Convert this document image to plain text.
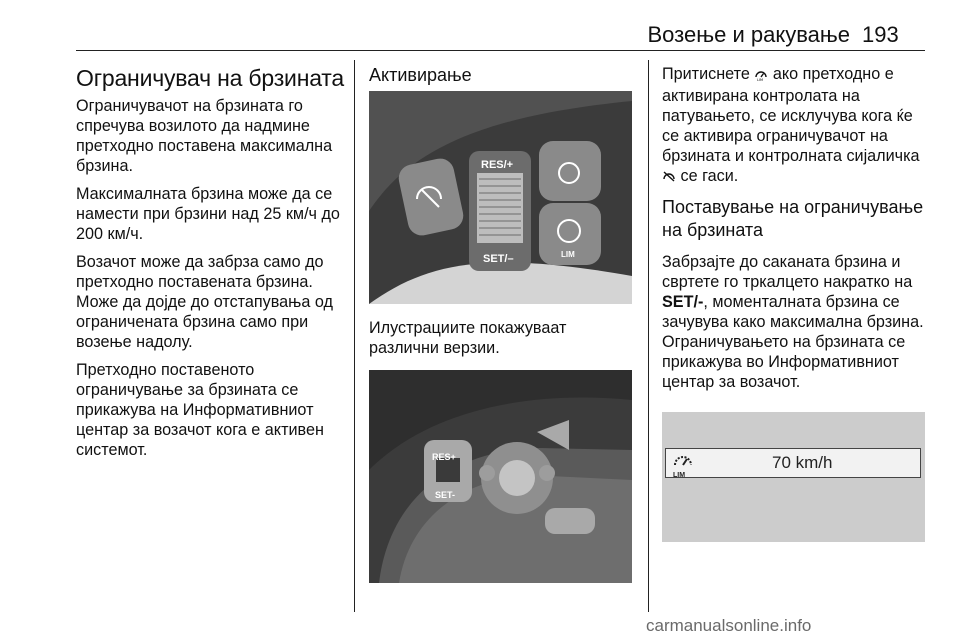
Возење и ракување 193
Ограничувач на брзината

Ограничувачот на брзината го спречува возилото да надмине претходно поставена максимална брзина.

Максималната брзина може да се намести при брзини над 25 км/ч до 200 км/ч.

Возачот може да забрза само до претходно поставената брзина. Може да дојде до отстапувања од ограничената брзина само при возење надолу.

Претходно поставеното ограничување за брзината се прикажува на Информативниот центар за возачот кога е активен системот.

Активирање
RES/+
SET/–	LIM

Илустрациите покажуваат различни верзии.

RES+
SET-

Притиснете LIM ако претходно е активирана контролата на патувањето, се исклучува кога ќе се активира ограничувачот на брзината и контролната сијаличка  се гаси.

Поставување на ограничување на брзината

Забрзајте до саканата брзина и свртете го тркалцето накратко на SET/-, моменталната брзина се зачувува како максимална брзина. Ограничувањето на брзината се прикажува во Информативниот центар за возачот.

LIM
70 km/h
carmanualsonline.info
